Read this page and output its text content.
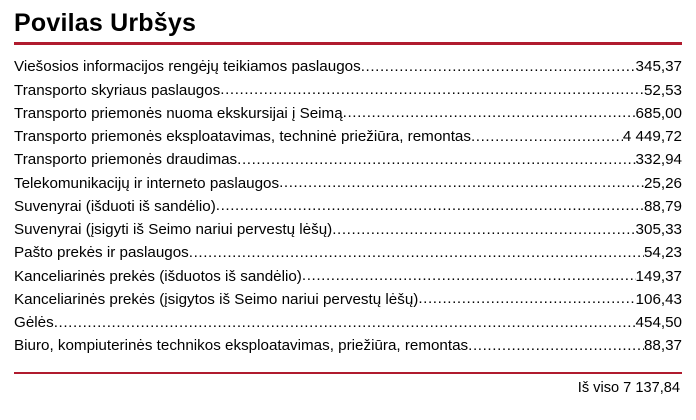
Povilas Urbšys
Viešosios informacijos rengėjų teikiamos paslaugos .....	345,37
Transporto skyriaus paslaugos .....	52,53
Transporto priemonės nuoma ekskursijai į Seimą .....	685,00
Transporto priemonės eksploatavimas, techninė priežiūra, remontas .....	4 449,72
Transporto priemonės draudimas .....	332,94
Telekomunikacijų ir interneto paslaugos .....	25,26
Suvenyrai (išduoti iš sandėlio) .....	88,79
Suvenyrai (įsigyti iš Seimo nariui pervestų lėšų) .....	305,33
Pašto prekės ir paslaugos .....	54,23
Kanceliarinės prekės (išduotos iš sandėlio) .....	149,37
Kanceliarinės prekės (įsigytos iš Seimo nariui pervestų lėšų) .....	106,43
Gėlės .....	454,50
Biuro, kompiuterinės technikos eksploatavimas, priežiūra, remontas .....	88,37
Iš viso 7 137,84
